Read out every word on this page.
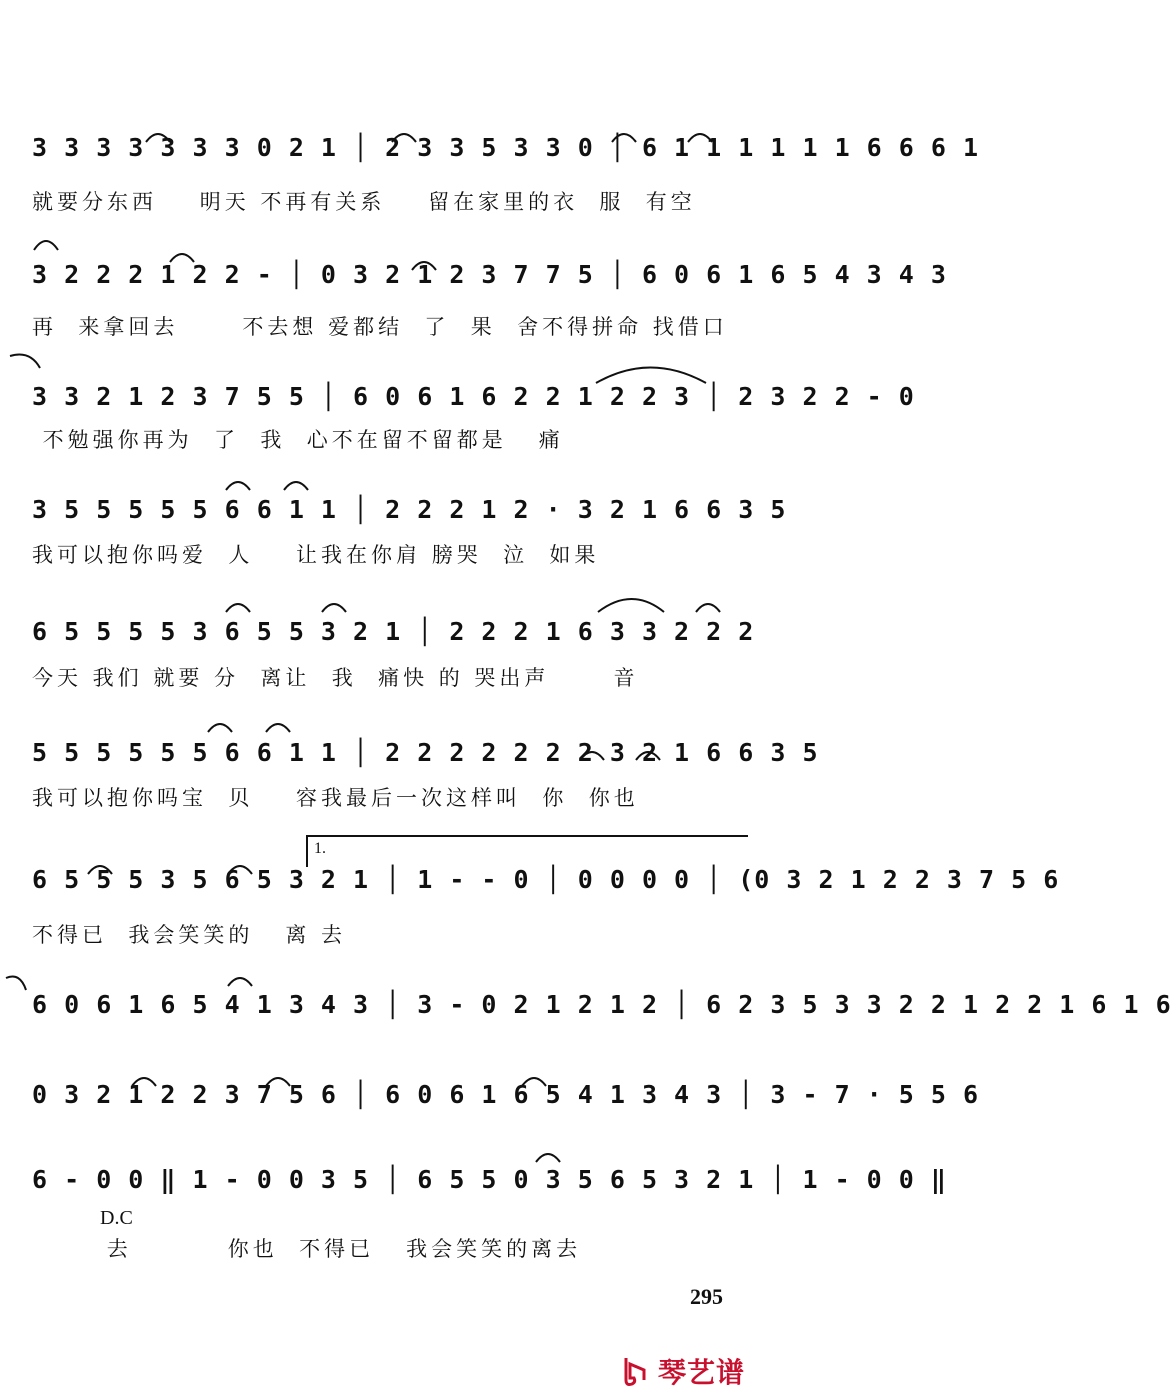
3 3 3 3 3 3 3 0 2 1 │ 2 3 3 5 3 3 0 │ 6 1 1 1 1 1 1 6 6 6 1
就要分东西    明天 不再有关系    留在家里的衣  服  有空
3 2 2 2 1 2 2 - │ 0 3 2 1 2 3 7 7 5 │ 6 0 6 1 6 5 4 3 4 3
再  来拿回去      不去想 爱都结  了  果  舍不得拼命 找借口
3 3 2 1 2 3 7 5 5 │ 6 0 6 1 6 2 2 1 2 2 3 │ 2 3 2 2 - 0
不勉强你再为  了  我  心不在留不留都是   痛
3 5 5 5 5 5 6 6 1 1 │ 2 2 2 1 2 · 3 2 1 6 6 3 5
我可以抱你吗爱  人    让我在你肩 膀哭  泣  如果
6 5 5 5 5 3 6 5 5 3 2 1 │ 2 2 2 1 6 3 3 2 2 2
今天 我们 就要 分  离让  我  痛快 的 哭出声      音
5 5 5 5 5 5 6 6 1 1 │ 2 2 2 2 2 2 2 3 2 1 6 6 3 5
我可以抱你吗宝  贝    容我最后一次这样叫  你  你也
1.
6 5 5 5 3 5 6 5 3 2 1 │ 1 - - 0 │ 0 0 0 0 │ (0 3 2 1 2 2 3 7 5 6
不得已  我会笑笑的   离 去
6 0 6 1 6 5 4 1 3 4 3 │ 3 - 0 2 1 2 1 2 │ 6 2 3 5 3 3 2 2 1 2 2 1 6 1 6
0 3 2 1 2 2 3 7 5 6 │ 6 0 6 1 6 5 4 1 3 4 3 │ 3 - 7 · 5 5 6
6 - 0 0 ‖ 1 - 0 0 3 5 │ 6 5 5 0 3 5 6 5 3 2 1 │ 1 - 0 0 ‖
D.C
去         你也  不得已   我会笑笑的离去
295
琴艺谱
